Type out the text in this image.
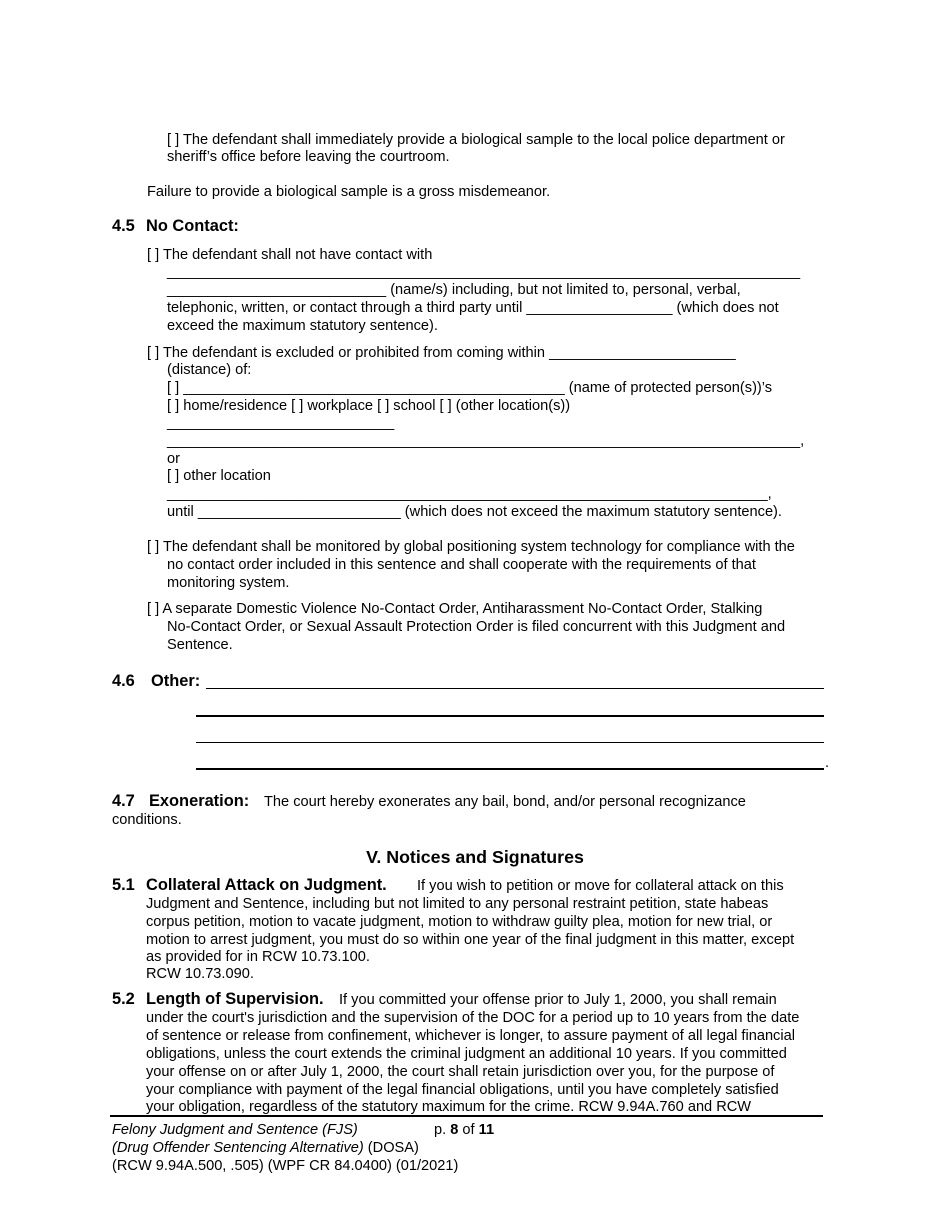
[ ] The defendant shall immediately provide a biological sample to the local police department or
sheriff’s office before leaving the courtroom.
Failure to provide a biological sample is a gross misdemeanor.
4.5 No Contact:
[ ] The defendant shall not have contact with
______________________________________________________________________________
___________________________ (name/s) including, but not limited to, personal, verbal,
telephonic, written, or contact through a third party until __________________ (which does not
exceed the maximum statutory sentence).
[ ] The defendant is excluded or prohibited from coming within _______________________
(distance) of:
[ ] _______________________________________________ (name of protected person(s))’s
[ ] home/residence [ ] workplace [ ] school [ ] (other location(s))
____________________________
______________________________________________________________________________,
or
[ ] other location
__________________________________________________________________________,
until _________________________ (which does not exceed the maximum statutory sentence).
[ ] The defendant shall be monitored by global positioning system technology for compliance with the
no contact order included in this sentence and shall cooperate with the requirements of that
monitoring system.
[ ] A separate Domestic Violence No-Contact Order, Antiharassment No-Contact Order, Stalking
No-Contact Order, or Sexual Assault Protection Order is filed concurrent with this Judgment and
Sentence.
4.6 Other:
.
4.7 Exoneration: The court hereby exonerates any bail, bond, and/or personal recognizance
conditions.
V. Notices and Signatures
5.1 Collateral Attack on Judgment. If you wish to petition or move for collateral attack on this
Judgment and Sentence, including but not limited to any personal restraint petition, state habeas
corpus petition, motion to vacate judgment, motion to withdraw guilty plea, motion for new trial, or
motion to arrest judgment, you must do so within one year of the final judgment in this matter, except
as provided for in RCW 10.73.100.
RCW 10.73.090.
5.2 Length of Supervision. If you committed your offense prior to July 1, 2000, you shall remain
under the court's jurisdiction and the supervision of the DOC for a period up to 10 years from the date
of sentence or release from confinement, whichever is longer, to assure payment of all legal financial
obligations, unless the court extends the criminal judgment an additional 10 years. If you committed
your offense on or after July 1, 2000, the court shall retain jurisdiction over you, for the purpose of
your compliance with payment of the legal financial obligations, until you have completely satisfied
your obligation, regardless of the statutory maximum for the crime. RCW 9.94A.760 and RCW
Felony Judgment and Sentence (FJS)	p. 8 of 11
(Drug Offender Sentencing Alternative) (DOSA)
(RCW 9.94A.500, .505) (WPF CR 84.0400) (01/2021)
